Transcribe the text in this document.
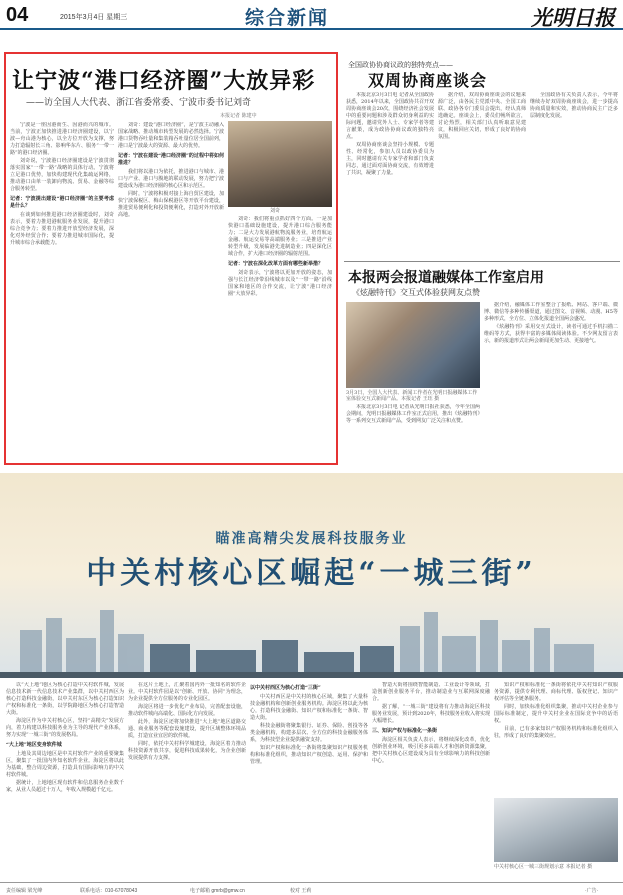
04	2015年3月4日 星期三	综合新闻	光明日报
让宁波“港口经济圈”大放异彩
——访全国人大代表、浙江省委常委、宁波市委书记刘奇
本报记者 陈建中

宁波是一座因港而生、因港而兴的城市。当前，宁波正加快推进港口经济圈建设，以宁波—舟山港为核心，以全方位开放为支撑，努力打造辐射长三角、影响华东片、服务“一带一路”的港口经济圈。

刘奇说，宁波港口经济圈建设是宁波贯彻落实国家“一带一路”战略的具体行动。宁波将立足港口优势，加快构建现代化集疏运网络，推动港口由单一装卸向物流、贸易、金融等综合服务转型。

记者：宁波提出建设“港口经济圈”的主要考虑是什么？

在谈到如何推进港口经济圈建设时，刘奇表示，要着力推进港航服务业发展，提升港口综合竞争力；要着力推进开放型经济发展，深化对外经贸合作；要着力推进城市国际化，提升城市综合承载能力。

刘奇：建设“港口经济圈”，是宁波主动融入国家战略、推动城市转型发展的必然选择。宁波港口货物吞吐量和集装箱吞吐量位居全国前列，港口是宁波最大的资源、最大的优势。

记者：宁波在建设“港口经济圈”的过程中将如何推进？

我们将以港口为依托，推进港口与城市、港口与产业、港口与腹地的联动发展，努力把宁波建设成为港口经济圈的核心区和示范区。

同时，宁波将积极对接上海自贸区建设，加快宁波保税区、梅山保税港区等开放平台建设，推进贸易便利化和投资便利化，打造对外开放新高地。

刘奇

刘奇：我们将重点抓好四个方面。一是加快港口基础设施建设，提升港口综合服务能力；二是大力发展港航物流服务业，培育航运金融、航运交易等高端服务业；三是推进产业转型升级，发展临港先进制造业；四是深化区域合作，扩大港口经济圈的辐射范围。

记者：宁波在深化改革方面有哪些新举措？

刘奇表示，宁波将以更加开放的姿态，加强与长江经济带沿线城市以及“一带一路”沿线国家和地区的合作交流，让宁波“港口经济圈”大放异彩。

全国政协协商议政的独特亮点——
双周协商座谈会

本报北京3月3日电 记者从全国政协获悉，2014年以来，全国政协共召开双周协商座谈会20次，围绕经济社会发展中的重要问题和涉及群众切身利益的实际问题，邀请党外人士、专家学者等建言献策，成为政协协商议政的独特亮点。

双周协商座谈会坚持小规模、专题性、经常化，参加人员以政协委员为主，同时邀请有关专家学者和部门负责同志，通过面对面协商交流，有效增进了共识，凝聚了力量。

据介绍，双周协商座谈会的议题来源广泛，由各民主党派中央、全国工商联、政协各专门委员会提出，经认真筛选确定。座谈会上，委员们畅所欲言，讨论热烈，相关部门认真听取意见建议，积极回应关切，形成了良好的协商氛围。

全国政协有关负责人表示，今年将继续办好双周协商座谈会，进一步提高协商质量和实效，推动协商民主广泛多层制度化发展。

本报两会报道融媒体工作室启用
《炫融特刊》交互式体验获网友点赞
3月3日，全国人大代表、新闻工作者在光明日报融媒体工作室体验交互式新闻产品。本报记者 王珏 摄

本报北京3月3日电 记者从光明日报社获悉，今年全国两会期间，光明日报融媒体工作室正式启用，推出《炫融特刊》等一系列交互式新闻产品，受到网友广泛关注和点赞。

据介绍，融媒体工作室整合了报纸、网站、客户端、微博、微信等多种传播渠道，通过图文、音视频、动漫、H5等多种形式，全方位、立体化报道全国两会盛况。

《炫融特刊》采用交互式设计，读者可通过手机扫描二维码等方式，获得丰富的多媒体阅读体验。不少网友留言表示，新的报道形式让两会新闻更加生动、更接地气。

瞄准高精尖发展科技服务业
中关村核心区崛起“一城三街”

以“大上地”地区为核心打造中关村软件城，发展信息技术新一代信息技术产业集群，以中关村西区为核心打造科技金融街，以中关村东区为核心打造知识产权和标准化一条街，以学院路地区为核心打造智造大街。

海淀区作为中关村核心区，坚持“高精尖”发展方向，着力构建以科技服务业为主导的现代产业体系，努力实现“一城三街”的发展格局。

“大上地”地区变身软件城

上地及其周边地区是中关村软件产业的重要聚集区，聚集了一批国内外知名软件企业。海淀区将以此为基础，整合周边资源，打造具有国际影响力的中关村软件城。

据统计，上地地区现有软件和信息服务企业数千家，从业人员超过十万人，年收入规模超千亿元。

在这片土地上，汇聚着国内外一批知名的软件企业。中关村软件园是以“创新、开放、协同”为理念，为企业提供全方位服务的专业化园区。

海淀区将进一步优化产业布局，完善配套设施，推动软件城向高端化、国际化方向发展。

此外，海淀区还将加快推进“大上地”地区道路交通、商业服务等配套设施建设，提升区域整体环境品质，打造宜业宜居的软件城。

同时，依托中关村科学城建设，海淀区着力推动科技资源开放共享，促进科技成果转化，为企业创新发展提供有力支撑。

以中关村西区为核心打造“三街”

中关村西区是中关村的核心区域，聚集了大量科技金融机构和创新创业服务机构。海淀区将以此为核心，打造科技金融街、知识产权和标准化一条街、智造大街。

科技金融街将聚集银行、证券、保险、创投等各类金融机构，构建多层次、全方位的科技金融服务体系，为科技型企业提供融资支持。

知识产权和标准化一条街将集聚知识产权服务机构和标准化组织，推动知识产权创造、运用、保护和管理。

智造大街将围绕智能制造、工业设计等领域，打造创新创业服务平台，推动制造业与互联网深度融合。

据了解，“一城三街”建设将有力推动海淀区科技服务业发展，预计到2020年，科技服务业收入将实现大幅增长。

三、知识产权与标准化一条街

海淀区相关负责人表示，将继续深化改革，优化创新创业环境，吸引更多高端人才和创新资源集聚，把中关村核心区建设成为具有全球影响力的科技创新中心。

知识产权和标准化一条街将依托中关村知识产权服务资源，提供专利代理、商标代理、版权登记、知识产权评估等全链条服务。

同时，加快标准化组织集聚，推动中关村企业参与国际标准制定，提升中关村企业在国际竞争中的话语权。

目前，已有多家知识产权服务机构和标准化组织入驻，形成了良好的集聚效应。

中关村核心区一城三街规划示意 本报记者 摄
责任编辑 梁光峰	联系电话：010-67078043	电子邮箱 gmrb@gmw.cn	校对 王莉	·广告·
